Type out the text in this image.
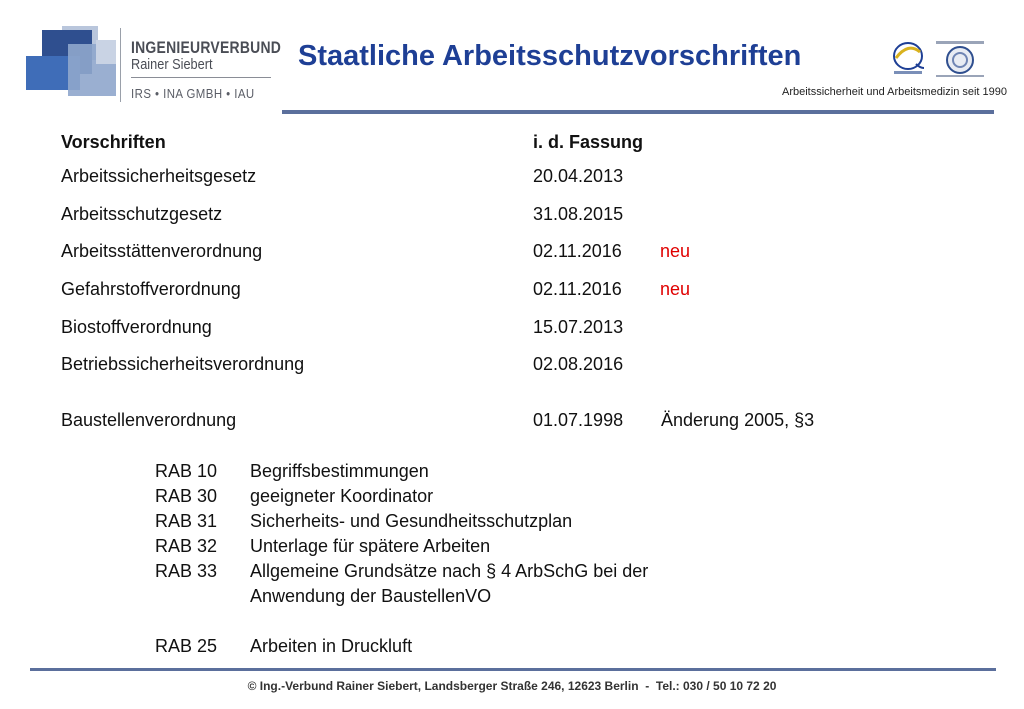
INGENIEURVERBUND
Rainer Siebert
IRS • INA GMBH • IAU
Staatliche Arbeitsschutzvorschriften
Arbeitssicherheit und Arbeitsmedizin seit 1990
Vorschriften	i. d. Fassung
Arbeitssicherheitsgesetz	20.04.2013
Arbeitsschutzgesetz	31.08.2015
Arbeitsstättenverordnung	02.11.2016 neu
Gefahrstoffverordnung	02.11.2016 neu
Biostoffverordnung	15.07.2013
Betriebssicherheitsverordnung	02.08.2016
Baustellenverordnung	01.07.1998 Änderung 2005, §3
RAB 10 Begriffsbestimmungen
RAB 30 geeigneter Koordinator
RAB 31 Sicherheits- und Gesundheitsschutzplan
RAB 32 Unterlage für spätere Arbeiten
RAB 33 Allgemeine Grundsätze nach § 4 ArbSchG bei der
Anwendung der BaustellenVO
RAB 25 Arbeiten in Druckluft
© Ing.-Verbund Rainer Siebert, Landsberger Straße 246, 12623 Berlin  -  Tel.: 030 / 50 10 72 20
